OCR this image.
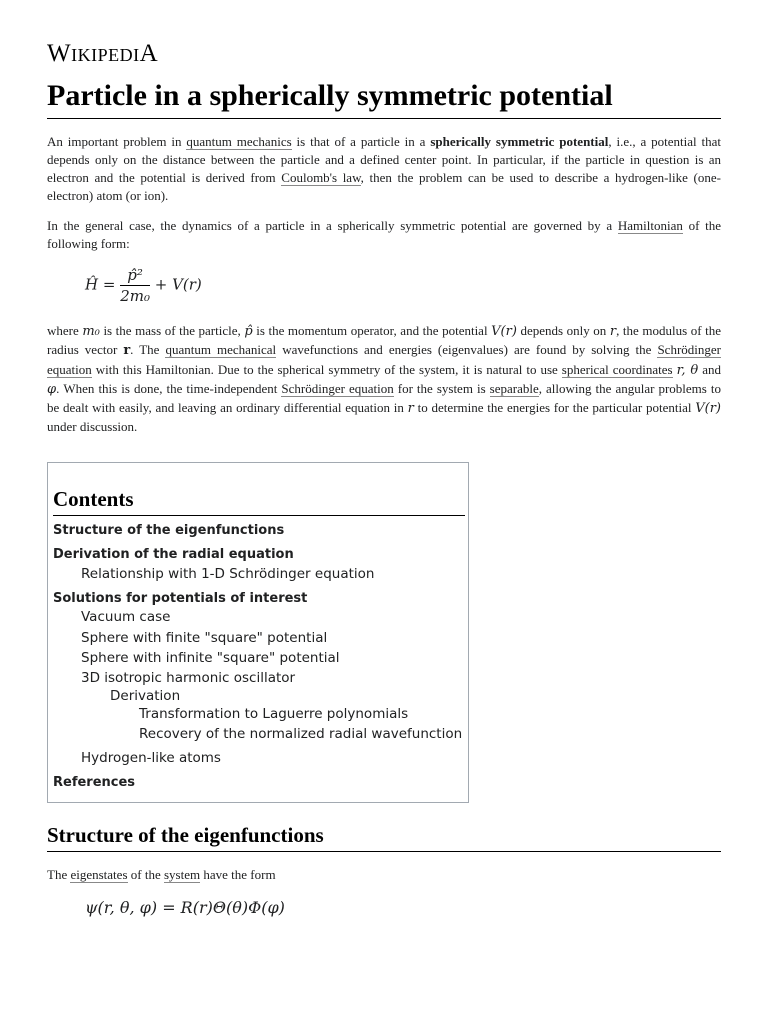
WIKIPEDIA
Particle in a spherically symmetric potential

An important problem in quantum mechanics is that of a particle in a spherically symmetric potential, i.e., a potential that depends only on the distance between the particle and a defined center point. In particular, if the particle in question is an electron and the potential is derived from Coulomb's law, then the problem can be used to describe a hydrogen-like (one-electron) atom (or ion).

In the general case, the dynamics of a particle in a spherically symmetric potential are governed by a Hamiltonian of the following form:

Ĥ = $\frac{\text{p̂²}}{\text{2m₀}} + V(r)$

where m₀ is the mass of the particle, p̂ is the momentum operator, and the potential V(r) depends only on r, the modulus of the radius vector r. The quantum mechanical wavefunctions and energies (eigenvalues) are found by solving the Schrödinger equation with this Hamiltonian. Due to the spherical symmetry of the system, it is natural to use spherical coordinates r, θ and φ. When this is done, the time-independent Schrödinger equation for the system is separable, allowing the angular problems to be dealt with easily, and leaving an ordinary differential equation in r to determine the energies for the particular potential V(r) under discussion.

Contents
Structure of the eigenfunctions
Derivation of the radial equation
Relationship with 1-D Schrödinger equation
Solutions for potentials of interest
Vacuum case
Sphere with finite "square" potential
Sphere with infinite "square" potential
3D isotropic harmonic oscillator
Derivation
Transformation to Laguerre polynomials
Recovery of the normalized radial wavefunction
Hydrogen-like atoms
References
Structure of the eigenfunctions

The eigenstates of the system have the form

ψ(r, θ, φ) = R(r)Θ(θ)Φ(φ)
